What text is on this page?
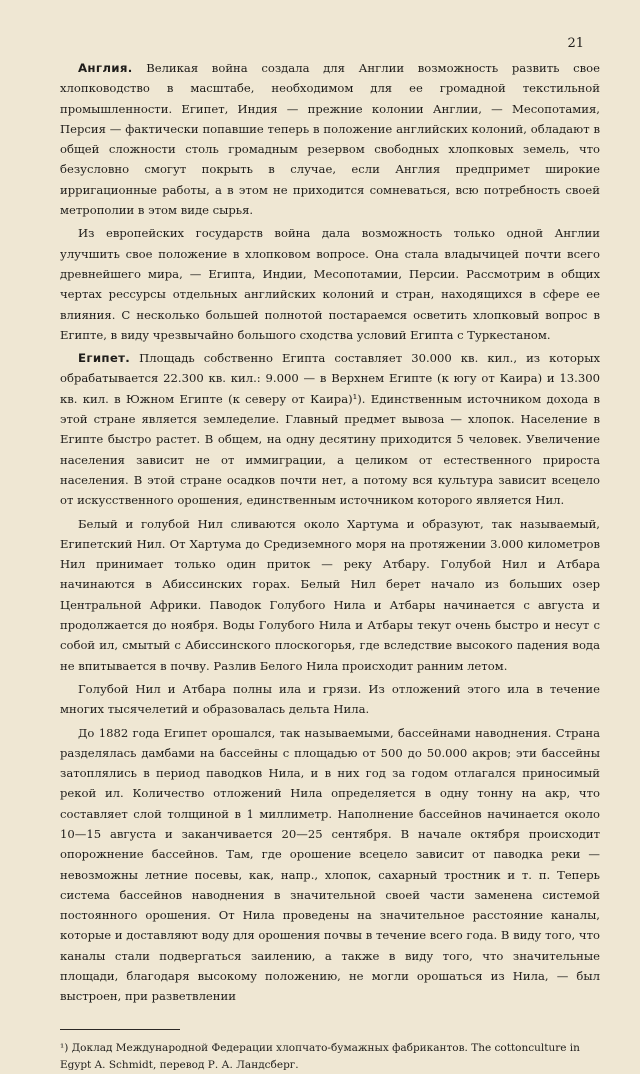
21

Англия. Великая война создала для Англии возможность развить свое хлопководство в масштабе, необходимом для ее громадной текстильной промышленности. Египет, Индия — прежние колонии Англии, — Месопотамия, Персия — фактически попавшие теперь в положение английских колоний, обладают в общей сложности столь громадным резервом свободных хлопковых земель, что безусловно смогут покрыть в случае, если Англия предпримет широкие ирригационные работы, а в этом не приходится сомневаться, всю потребность своей метрополии в этом виде сырья.

Из европейских государств война дала возможность только одной Англии улучшить свое положение в хлопковом вопросе. Она стала владычицей почти всего древнейшего мира, — Египта, Индии, Месопотамии, Персии. Рассмотрим в общих чертах рессурсы отдельных английских колоний и стран, находящихся в сфере ее влияния. С несколько большей полнотой постараемся осветить хлопковый вопрос в Египте, в виду чрезвычайно большого сходства условий Египта с Туркестаном.

Египет. Площадь собственно Египта составляет 30.000 кв. кил., из которых обрабатывается 22.300 кв. кил.: 9.000 — в Верхнем Египте (к югу от Каира) и 13.300 кв. кил. в Южном Египте (к северу от Каира)¹). Единственным источником дохода в этой стране является земледелие. Главный предмет вывоза — хлопок. Население в Египте быстро растет. В общем, на одну десятину приходится 5 человек. Увеличение населения зависит не от иммиграции, а целиком от естественного прироста населения. В этой стране осадков почти нет, а потому вся культура зависит всецело от искусственного орошения, единственным источником которого является Нил.

Белый и голубой Нил сливаются около Хартума и образуют, так называемый, Египетский Нил. От Хартума до Средиземного моря на протяжении 3.000 километров Нил принимает только один приток — реку Атбару. Голубой Нил и Атбара начинаются в Абиссинских горах. Белый Нил берет начало из больших озер Центральной Африки. Паводок Голубого Нила и Атбары начинается с августа и продолжается до ноября. Воды Голубого Нила и Атбары текут очень быстро и несут с собой ил, смытый с Абиссинского плоскогорья, где вследствие высокого падения вода не впитывается в почву. Разлив Белого Нила происходит ранним летом.

Голубой Нил и Атбара полны ила и грязи. Из отложений этого ила в течение многих тысячелетий и образовалась дельта Нила.

До 1882 года Египет орошался, так называемыми, бассейнами наводнения. Страна разделялась дамбами на бассейны с площадью от 500 до 50.000 акров; эти бассейны затоплялись в период паводков Нила, и в них год за годом отлагался приносимый рекой ил. Количество отложений Нила определяется в одну тонну на акр, что составляет слой толщиной в 1 миллиметр. Наполнение бассейнов начинается около 10—15 августа и заканчивается 20—25 сентября. В начале октября происходит опорожнение бассейнов. Там, где орошение всецело зависит от паводка реки — невозможны летние посевы, как, напр., хлопок, сахарный тростник и т. п. Теперь система бассейнов наводнения в значительной своей части заменена системой постоянного орошения. От Нила проведены на значительное расстояние каналы, которые и доставляют воду для орошения почвы в течение всего года. В виду того, что каналы стали подвергаться заилению, а также в виду того, что значительные площади, благодаря высокому положению, не могли орошаться из Нила, — был выстроен, при разветвлении

¹) Доклад Международной Федерации хлопчато-бумажных фабрикантов. The cottonculture in Egypt A. Schmidt, перевод Р. А. Ландсберг.
